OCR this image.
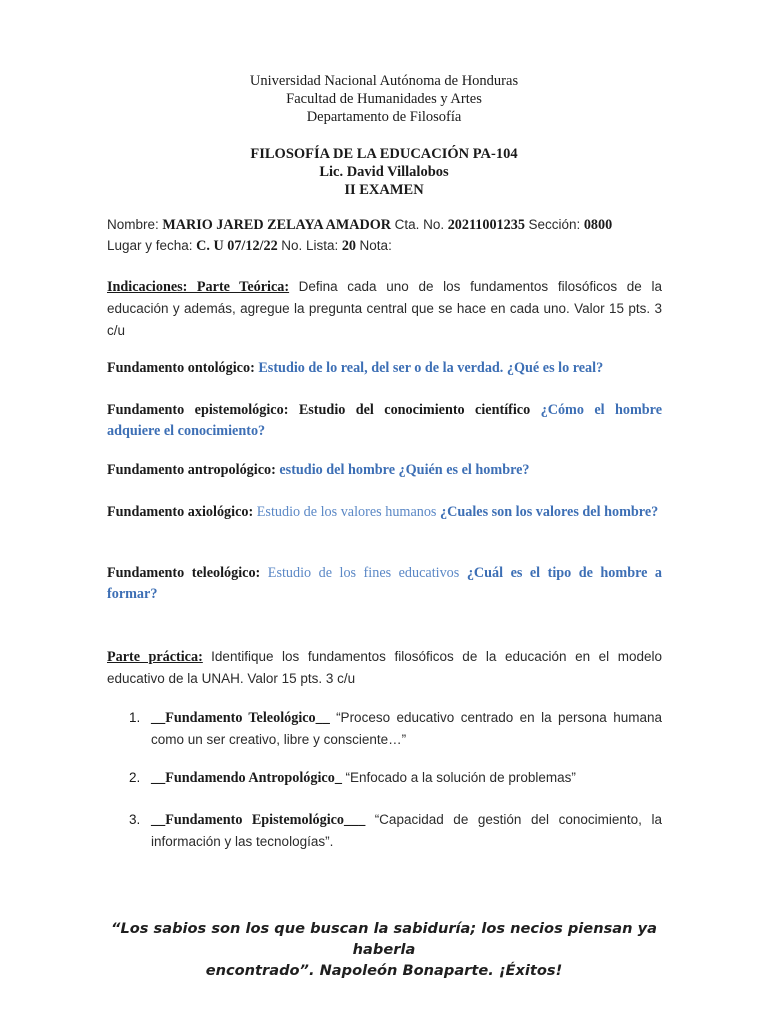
Universidad Nacional Autónoma de Honduras
Facultad de Humanidades y Artes
Departamento de Filosofía
FILOSOFÍA DE LA EDUCACIÓN PA-104
Lic. David Villalobos
II EXAMEN
Nombre: MARIO JARED ZELAYA AMADOR Cta. No. 20211001235 Sección: 0800
Lugar y fecha: C. U 07/12/22 No. Lista: 20 Nota:
Indicaciones: Parte Teórica: Defina cada uno de los fundamentos filosóficos de la educación y además, agregue la pregunta central que se hace en cada uno. Valor 15 pts. 3 c/u
Fundamento ontológico: Estudio de lo real, del ser o de la verdad. ¿Qué es lo real?
Fundamento epistemológico: Estudio del conocimiento científico ¿Cómo el hombre adquiere el conocimiento?
Fundamento antropológico: estudio del hombre ¿Quién es el hombre?
Fundamento axiológico: Estudio de los valores humanos ¿Cuales son los valores del hombre?
Fundamento teleológico: Estudio de los fines educativos ¿Cuál es el tipo de hombre a formar?
Parte práctica: Identifique los fundamentos filosóficos de la educación en el modelo educativo de la UNAH. Valor 15 pts. 3 c/u
1. __Fundamento Teleológico__ “Proceso educativo centrado en la persona humana como un ser creativo, libre y consciente…”
2. __Fundamendo Antropológico_ “Enfocado a la solución de problemas”
3. __Fundamento Epistemológico___ “Capacidad de gestión del conocimiento, la información y las tecnologías”.
“Los sabios son los que buscan la sabiduría; los necios piensan ya haberla
encontrado”. Napoleón Bonaparte. ¡Éxitos!
